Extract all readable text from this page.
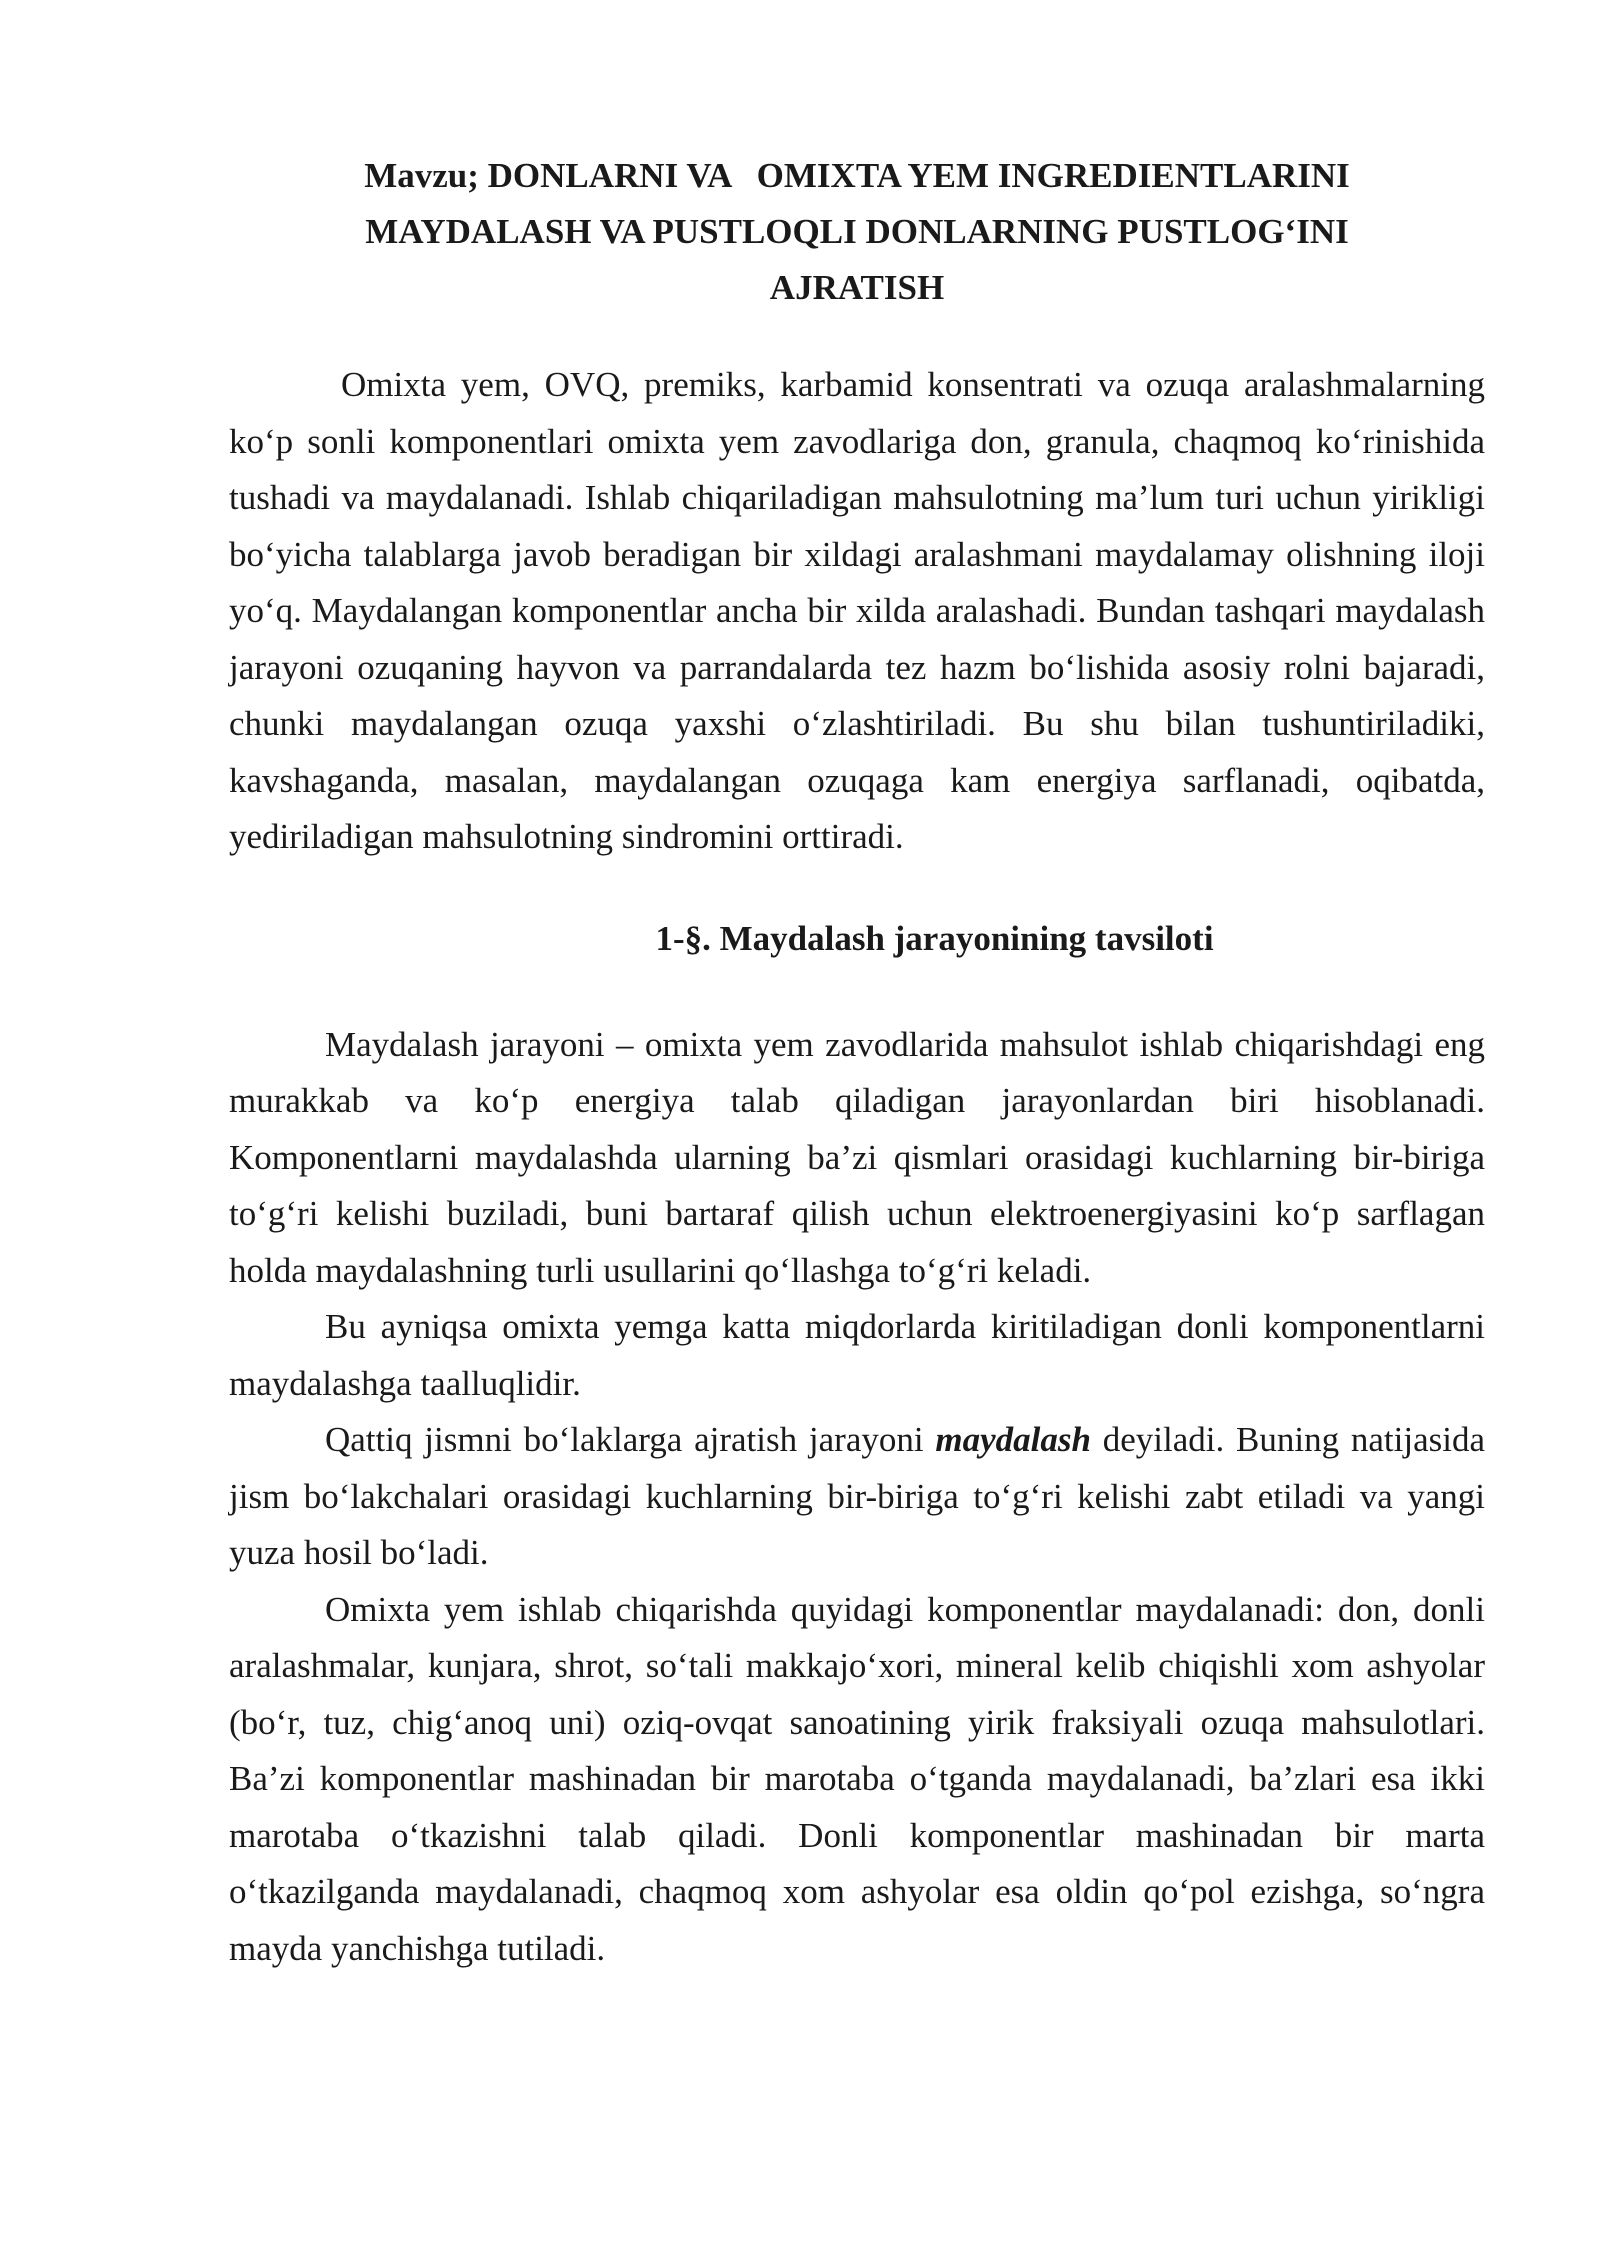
Mavzu; DONLARNI VA   OMIXTA YEM INGREDIENTLARINI
MAYDALASH VA PUSTLOQLI DONLARNING PUSTLOG‘INI
AJRATISH

Omixta yem, OVQ, premiks, karbamid konsentrati va ozuqa aralashmalarning ko‘p sonli komponentlari omixta yem zavodlariga don, granula, chaqmoq ko‘rinishida tushadi va maydalanadi. Ishlab chiqariladigan mahsulotning ma’lum turi uchun yirikligi bo‘yicha talablarga javob beradigan bir xildagi aralashmani maydalamay olishning iloji yo‘q. Maydalangan komponentlar ancha bir xilda aralashadi. Bundan tashqari maydalash jarayoni ozuqaning hayvon va parrandalarda tez hazm bo‘lishida asosiy rolni bajaradi, chunki maydalangan ozuqa yaxshi o‘zlashtiriladi. Bu shu bilan tushuntiriladiki, kavshaganda, masalan, maydalangan ozuqaga kam energiya sarflanadi, oqibatda, yediriladigan mahsulotning sindromini orttiradi.

1-§. Maydalash jarayonining tavsiloti

Maydalash jarayoni – omixta yem zavodlarida mahsulot ishlab chiqarishdagi eng murakkab va ko‘p energiya talab qiladigan jarayonlardan biri hisoblanadi. Komponentlarni maydalashda ularning ba’zi qismlari orasidagi kuchlarning bir-biriga to‘g‘ri kelishi buziladi, buni bartaraf qilish uchun elektroenergiyasini ko‘p sarflagan holda maydalashning turli usullarini qo‘llashga to‘g‘ri keladi.

Bu ayniqsa omixta yemga katta miqdorlarda kiritiladigan donli komponentlarni maydalashga taalluqlidir.

Qattiq jismni bo‘laklarga ajratish jarayoni maydalash deyiladi. Buning natijasida jism bo‘lakchalari orasidagi kuchlarning bir-biriga to‘g‘ri kelishi zabt etiladi va yangi yuza hosil bo‘ladi.

Omixta yem ishlab chiqarishda quyidagi komponentlar maydalanadi: don, donli aralashmalar, kunjara, shrot, so‘tali makkajo‘xori, mineral kelib chiqishli xom ashyolar (bo‘r, tuz, chig‘anoq uni) oziq-ovqat sanoatining yirik fraksiyali ozuqa mahsulotlari. Ba’zi komponentlar mashinadan bir marotaba o‘tganda maydalanadi, ba’zlari esa ikki marotaba o‘tkazishni talab qiladi. Donli komponentlar mashinadan bir marta o‘tkazilganda maydalanadi, chaqmoq xom ashyolar esa oldin qo‘pol ezishga, so‘ngra mayda yanchishga tutiladi.
